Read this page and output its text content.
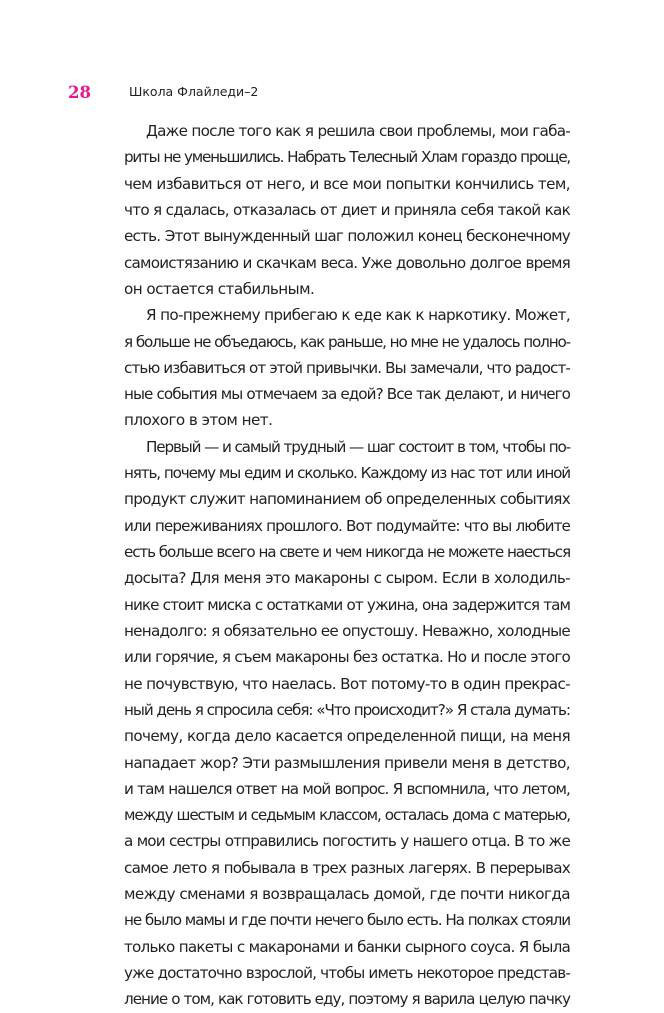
28	Школа Флайледи–2
Даже после того как я решила свои проблемы, мои габа-
риты не уменьшились. Набрать Телесный Хлам гораздо проще,
чем избавиться от него, и все мои попытки кончились тем,
что я сдалась, отказалась от диет и приняла себя такой как
есть. Этот вынужденный шаг положил конец бесконечному
самоистязанию и скачкам веса. Уже довольно долгое время
он остается стабильным.
Я по-прежнему прибегаю к еде как к наркотику. Может,
я больше не объедаюсь, как раньше, но мне не удалось полно-
стью избавиться от этой привычки. Вы замечали, что радост-
ные события мы отмечаем за едой? Все так делают, и ничего
плохого в этом нет.
Первый — и самый трудный — шаг состоит в том, чтобы по-
нять, почему мы едим и сколько. Каждому из нас тот или иной
продукт служит напоминанием об определенных событиях
или переживаниях прошлого. Вот подумайте: что вы любите
есть больше всего на свете и чем никогда не можете наесться
досыта? Для меня это макароны с сыром. Если в холодиль-
нике стоит миска с остатками от ужина, она задержится там
ненадолго: я обязательно ее опустошу. Неважно, холодные
или горячие, я съем макароны без остатка. Но и после этого
не почувствую, что наелась. Вот потому-то в один прекрас-
ный день я спросила себя: «Что происходит?» Я стала думать:
почему, когда дело касается определенной пищи, на меня
нападает жор? Эти размышления привели меня в детство,
и там нашелся ответ на мой вопрос. Я вспомнила, что летом,
между шестым и седьмым классом, осталась дома с матерью,
а мои сестры отправились погостить у нашего отца. В то же
самое лето я побывала в трех разных лагерях. В перерывах
между сменами я возвращалась домой, где почти никогда
не было мамы и где почти нечего было есть. На полках стояли
только пакеты с макаронами и банки сырного соуса. Я была
уже достаточно взрослой, чтобы иметь некоторое представ-
ление о том, как готовить еду, поэтому я варила целую пачку
